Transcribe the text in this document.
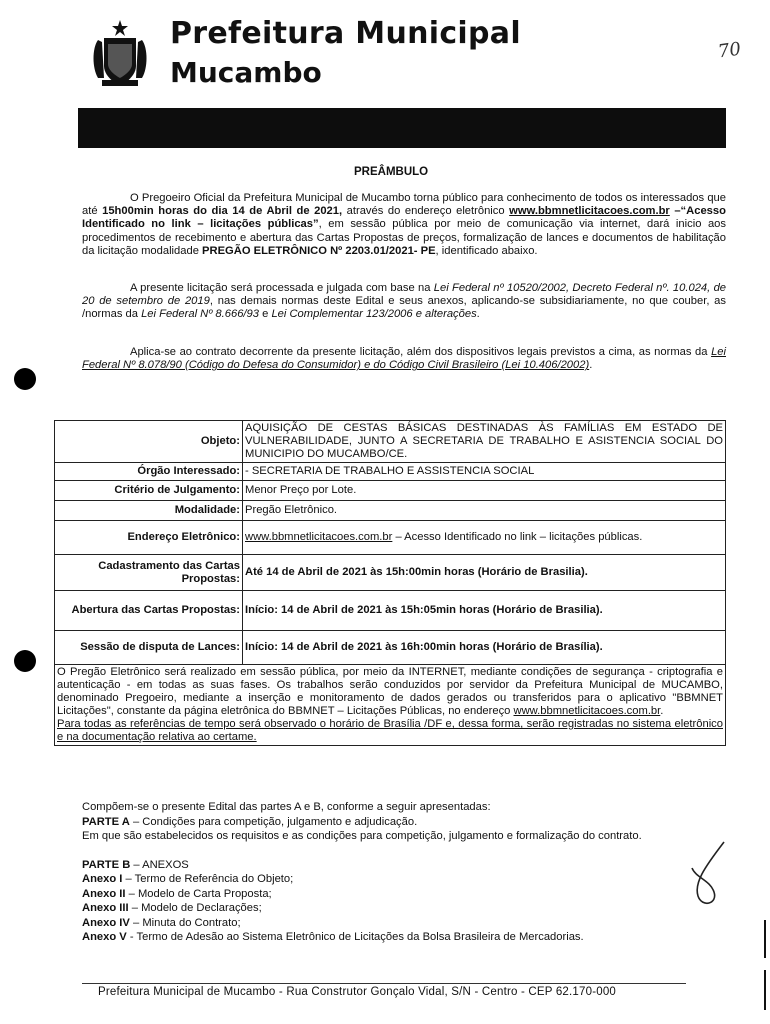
Prefeitura Municipal
Mucambo
70
PREÂMBULO
O Pregoeiro Oficial da Prefeitura Municipal de Mucambo torna público para conhecimento de todos os interessados que até 15h00min horas do dia 14 de Abril de 2021, através do endereço eletrônico www.bbmnetlicitacoes.com.br –“Acesso Identificado no link – licitações públicas”, em sessão pública por meio de comunicação via internet, dará inicio aos procedimentos de recebimento e abertura das Cartas Propostas de preços, formalização de lances e documentos de habilitação da licitação modalidade PREGÃO ELETRÔNICO Nº 2203.01/2021- PE, identificado abaixo.
A presente licitação será processada e julgada com base na Lei Federal nº 10520/2002, Decreto Federal nº. 10.024, de 20 de setembro de 2019, nas demais normas deste Edital e seus anexos, aplicando-se subsidiariamente, no que couber, as /normas da Lei Federal Nº 8.666/93 e Lei Complementar 123/2006 e alterações.
Aplica-se ao contrato decorrente da presente licitação, além dos dispositivos legais previstos a cima, as normas da Lei Federal Nº 8.078/90 (Código do Defesa do Consumidor) e do Código Civil Brasileiro (Lei 10.406/2002).
Objeto:	AQUISIÇÃO DE CESTAS BÁSICAS DESTINADAS ÀS FAMÍLIAS EM ESTADO DE VULNERABILIDADE, JUNTO A SECRETARIA DE TRABALHO E ASISTENCIA SOCIAL DO MUNICIPIO DO MUCAMBO/CE.
Órgão Interessado:	- SECRETARIA DE TRABALHO E ASSISTENCIA SOCIAL
Critério de Julgamento:	Menor Preço por Lote.
Modalidade:	Pregão Eletrônico.
Endereço Eletrônico:	www.bbmnetlicitacoes.com.br – Acesso Identificado no link – licitações públicas.
Cadastramento das Cartas Propostas:	Até 14 de Abril de 2021 às 15h:00min horas (Horário de Brasilia).
Abertura das Cartas Propostas:	Início: 14 de Abril de 2021 às 15h:05min horas (Horário de Brasilia).
Sessão de disputa de Lances:	Início: 14 de Abril de 2021 às 16h:00min horas (Horário de Brasília).
O Pregão Eletrônico será realizado em sessão pública, por meio da INTERNET, mediante condições de segurança - criptografia e autenticação - em todas as suas fases. Os trabalhos serão conduzidos por servidor da Prefeitura Municipal de MUCAMBO, denominado Pregoeiro, mediante a inserção e monitoramento de dados gerados ou transferidos para o aplicativo "BBMNET Licitações", constante da página eletrônica do BBMNET – Licitações Públicas, no endereço www.bbmnetlicitacoes.com.br.
Para todas as referências de tempo será observado o horário de Brasília /DF e, dessa forma, serão registradas no sistema eletrônico e na documentação relativa ao certame.	
Compõem-se o presente Edital das partes A e B, conforme a seguir apresentadas:
PARTE A – Condições para competição, julgamento e adjudicação.
Em que são estabelecidos os requisitos e as condições para competição, julgamento e formalização do contrato.
PARTE B – ANEXOS
Anexo I – Termo de Referência do Objeto;
Anexo II – Modelo de Carta Proposta;
Anexo III – Modelo de Declarações;
Anexo IV – Minuta do Contrato;
Anexo V - Termo de Adesão ao Sistema Eletrônico de Licitações da Bolsa Brasileira de Mercadorias.
Prefeitura Municipal de Mucambo - Rua Construtor Gonçalo Vidal, S/N - Centro - CEP 62.170-000
